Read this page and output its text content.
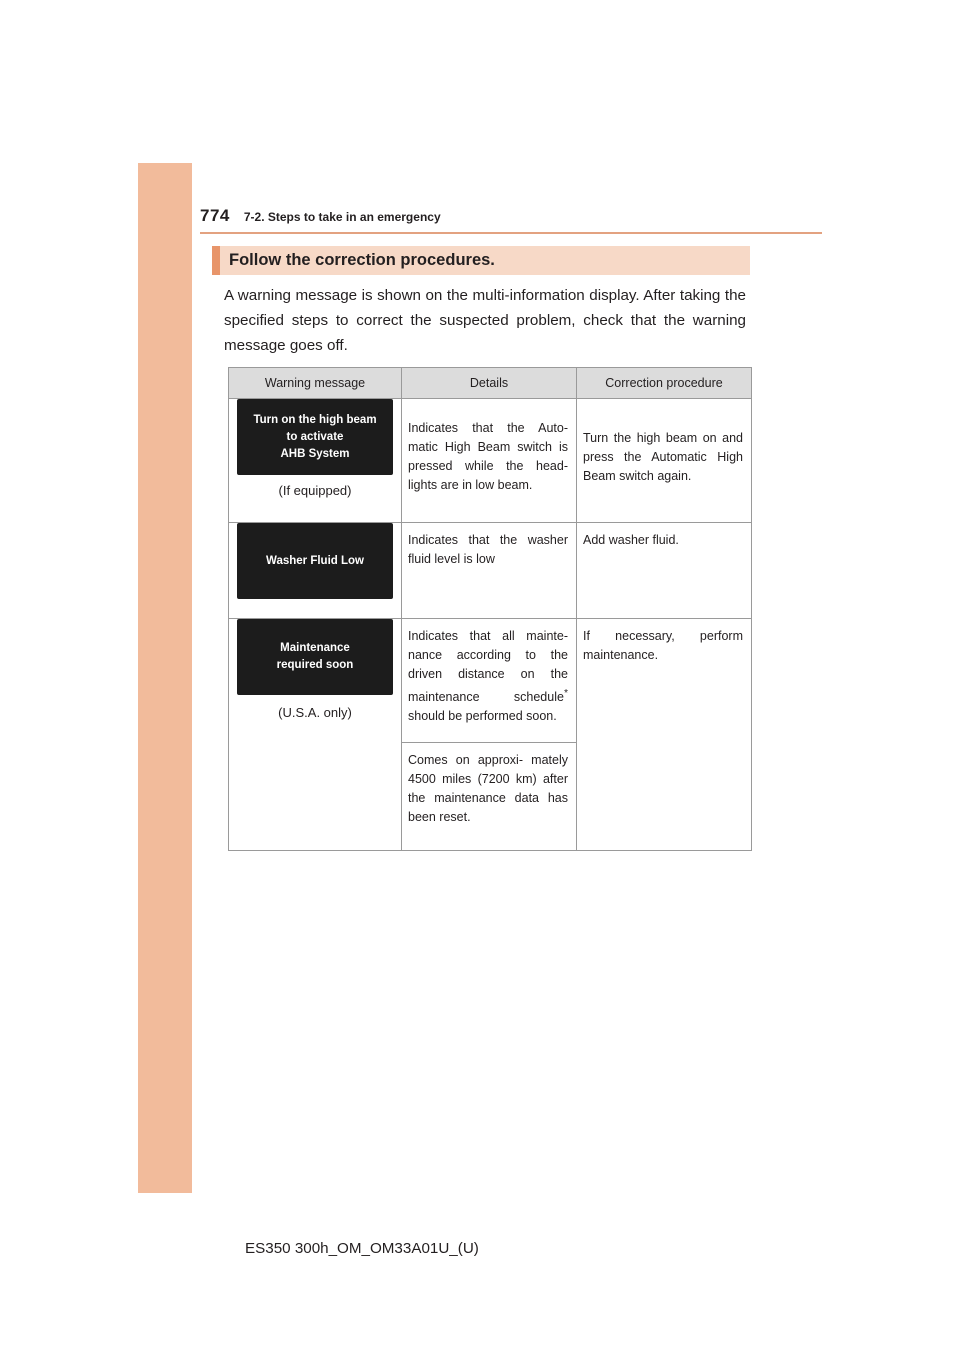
774 7-2. Steps to take in an emergency
Follow the correction procedures.
A warning message is shown on the multi-information display. After taking the specified steps to correct the suspected problem, check that the warning message goes off.
Warning message	Details	Correction procedure

Turn on the high beam
to activate
AHB System
(If equipped)	Indicates that the Auto- matic High Beam switch is pressed while the head- lights are in low beam.	Turn the high beam on and press the Automatic High Beam switch again.

Washer Fluid Low	Indicates that the washer fluid level is low	Add washer fluid.

Maintenance
required soon
(U.S.A. only)	Indicates that all mainte- nance according to the driven distance on the maintenance schedule* should be performed soon.	If necessary, perform maintenance.
	Comes on approxi- mately 4500 miles (7200 km) after the maintenance data has been reset.	
ES350 300h_OM_OM33A01U_(U)
